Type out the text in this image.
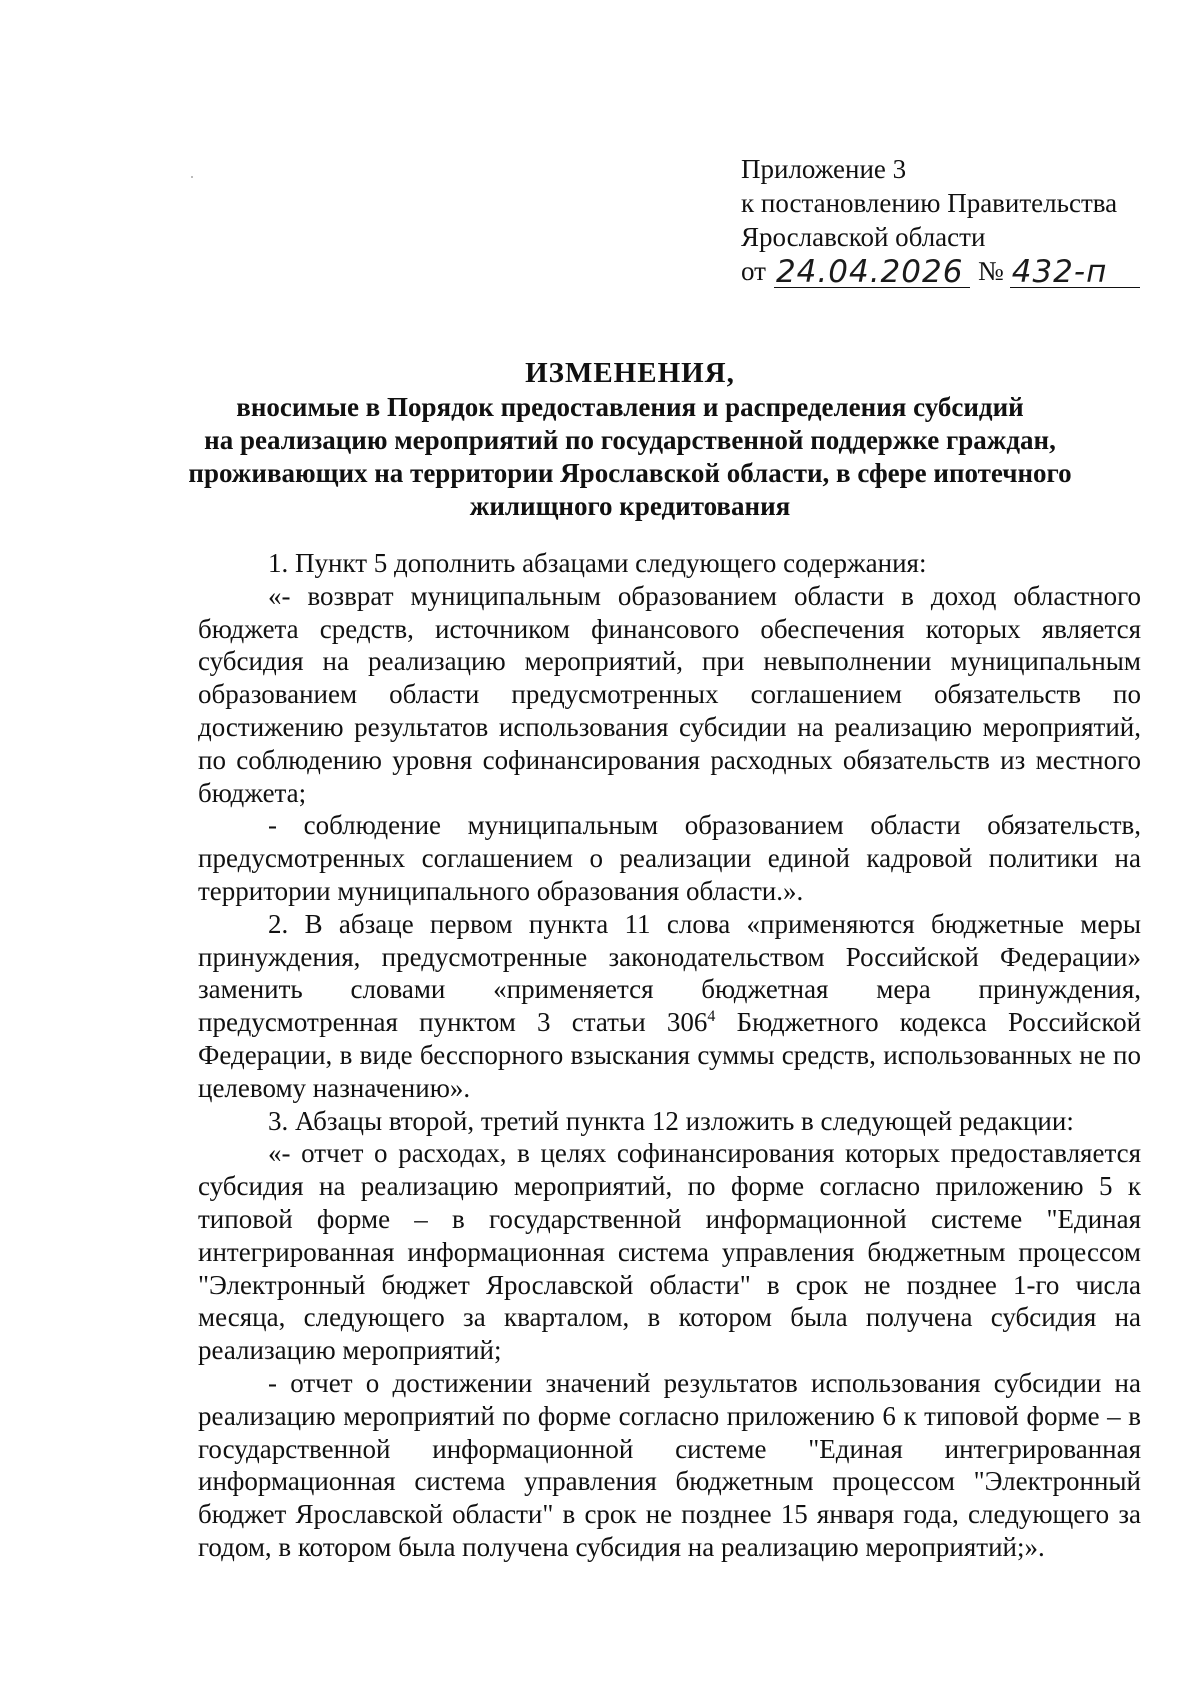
Приложение 3
к постановлению Правительства
Ярославской области
от 24.04.2026 № 432-п
ИЗМЕНЕНИЯ,
вносимые в Порядок предоставления и распределения субсидий
на реализацию мероприятий по государственной поддержке граждан,
проживающих на территории Ярославской области, в сфере ипотечного
жилищного кредитования

1. Пункт 5 дополнить абзацами следующего содержания:

«- возврат муниципальным образованием области в доход областного бюджета средств, источником финансового обеспечения которых является субсидия на реализацию мероприятий, при невыполнении муниципальным образованием области предусмотренных соглашением обязательств по достижению результатов использования субсидии на реализацию мероприятий, по соблюдению уровня софинансирования расходных обязательств из местного бюджета;

- соблюдение муниципальным образованием области обязательств, предусмотренных соглашением о реализации единой кадровой политики на территории муниципального образования области.».

2. В абзаце первом пункта 11 слова «применяются бюджетные меры принуждения, предусмотренные законодательством Российской Федерации» заменить словами «применяется бюджетная мера принуждения, предусмотренная пунктом 3 статьи $306^4$ Бюджетного кодекса Российской Федерации, в виде бесспорного взыскания суммы средств, использованных не по целевому назначению».

3. Абзацы второй, третий пункта 12 изложить в следующей редакции:

«- отчет о расходах, в целях софинансирования которых предоставляется субсидия на реализацию мероприятий, по форме согласно приложению 5 к типовой форме – в государственной информационной системе "Единая интегрированная информационная система управления бюджетным процессом "Электронный бюджет Ярославской области" в срок не позднее 1-го числа месяца, следующего за кварталом, в котором была получена субсидия на реализацию мероприятий;

- отчет о достижении значений результатов использования субсидии на реализацию мероприятий по форме согласно приложению 6 к типовой форме – в государственной информационной системе "Единая интегрированная информационная система управления бюджетным процессом "Электронный бюджет Ярославской области" в срок не позднее 15 января года, следующего за годом, в котором была получена субсидия на реализацию мероприятий;».
